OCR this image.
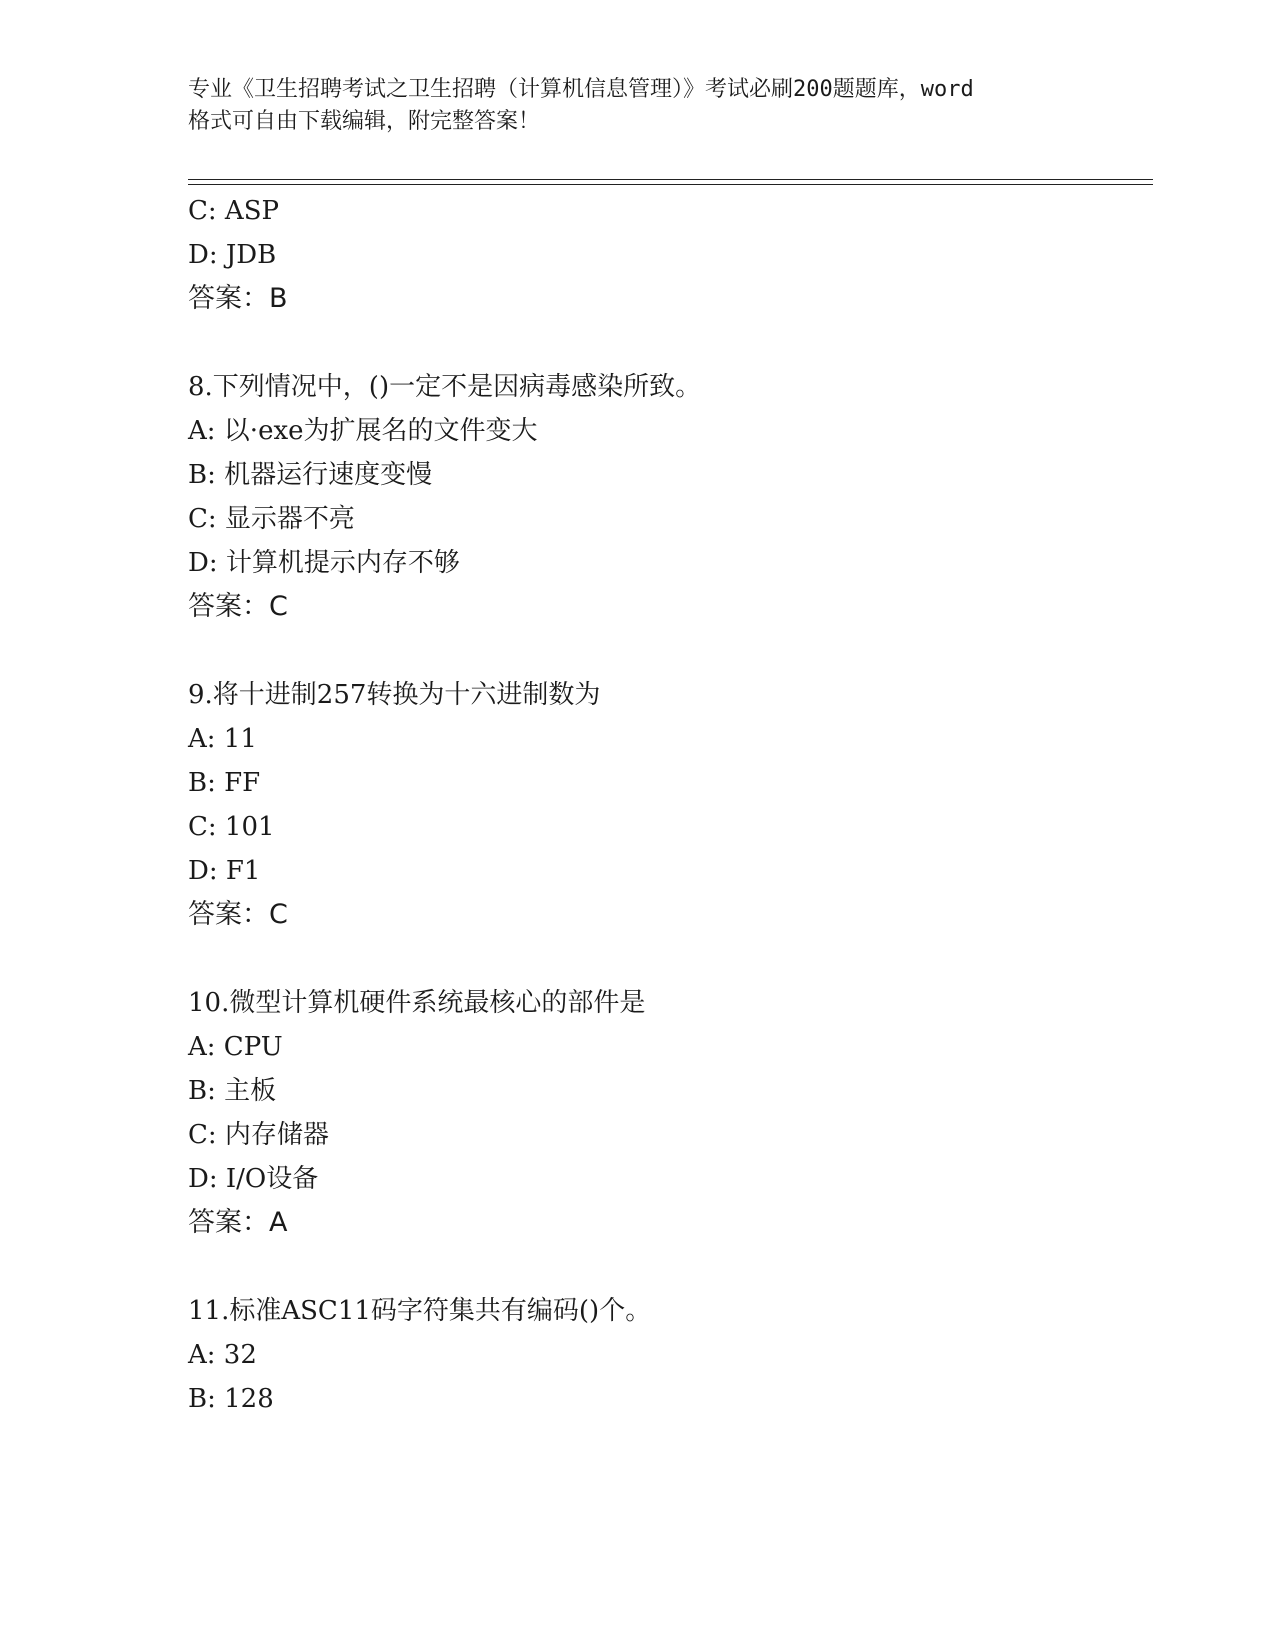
专业《卫生招聘考试之卫生招聘（计算机信息管理）》考试必刷200题题库，word
格式可自由下载编辑，附完整答案！
C: ASP
D: JDB
答案：B
8.下列情况中，()一定不是因病毒感染所致。
A: 以·exe为扩展名的文件变大
B: 机器运行速度变慢
C: 显示器不亮
D: 计算机提示内存不够
答案：C
9.将十进制257转换为十六进制数为
A: 11
B: FF
C: 101
D: F1
答案：C
10.微型计算机硬件系统最核心的部件是
A: CPU
B: 主板
C: 内存储器
D: I/O设备
答案：A
11.标准ASC11码字符集共有编码()个。
A: 32
B: 128
